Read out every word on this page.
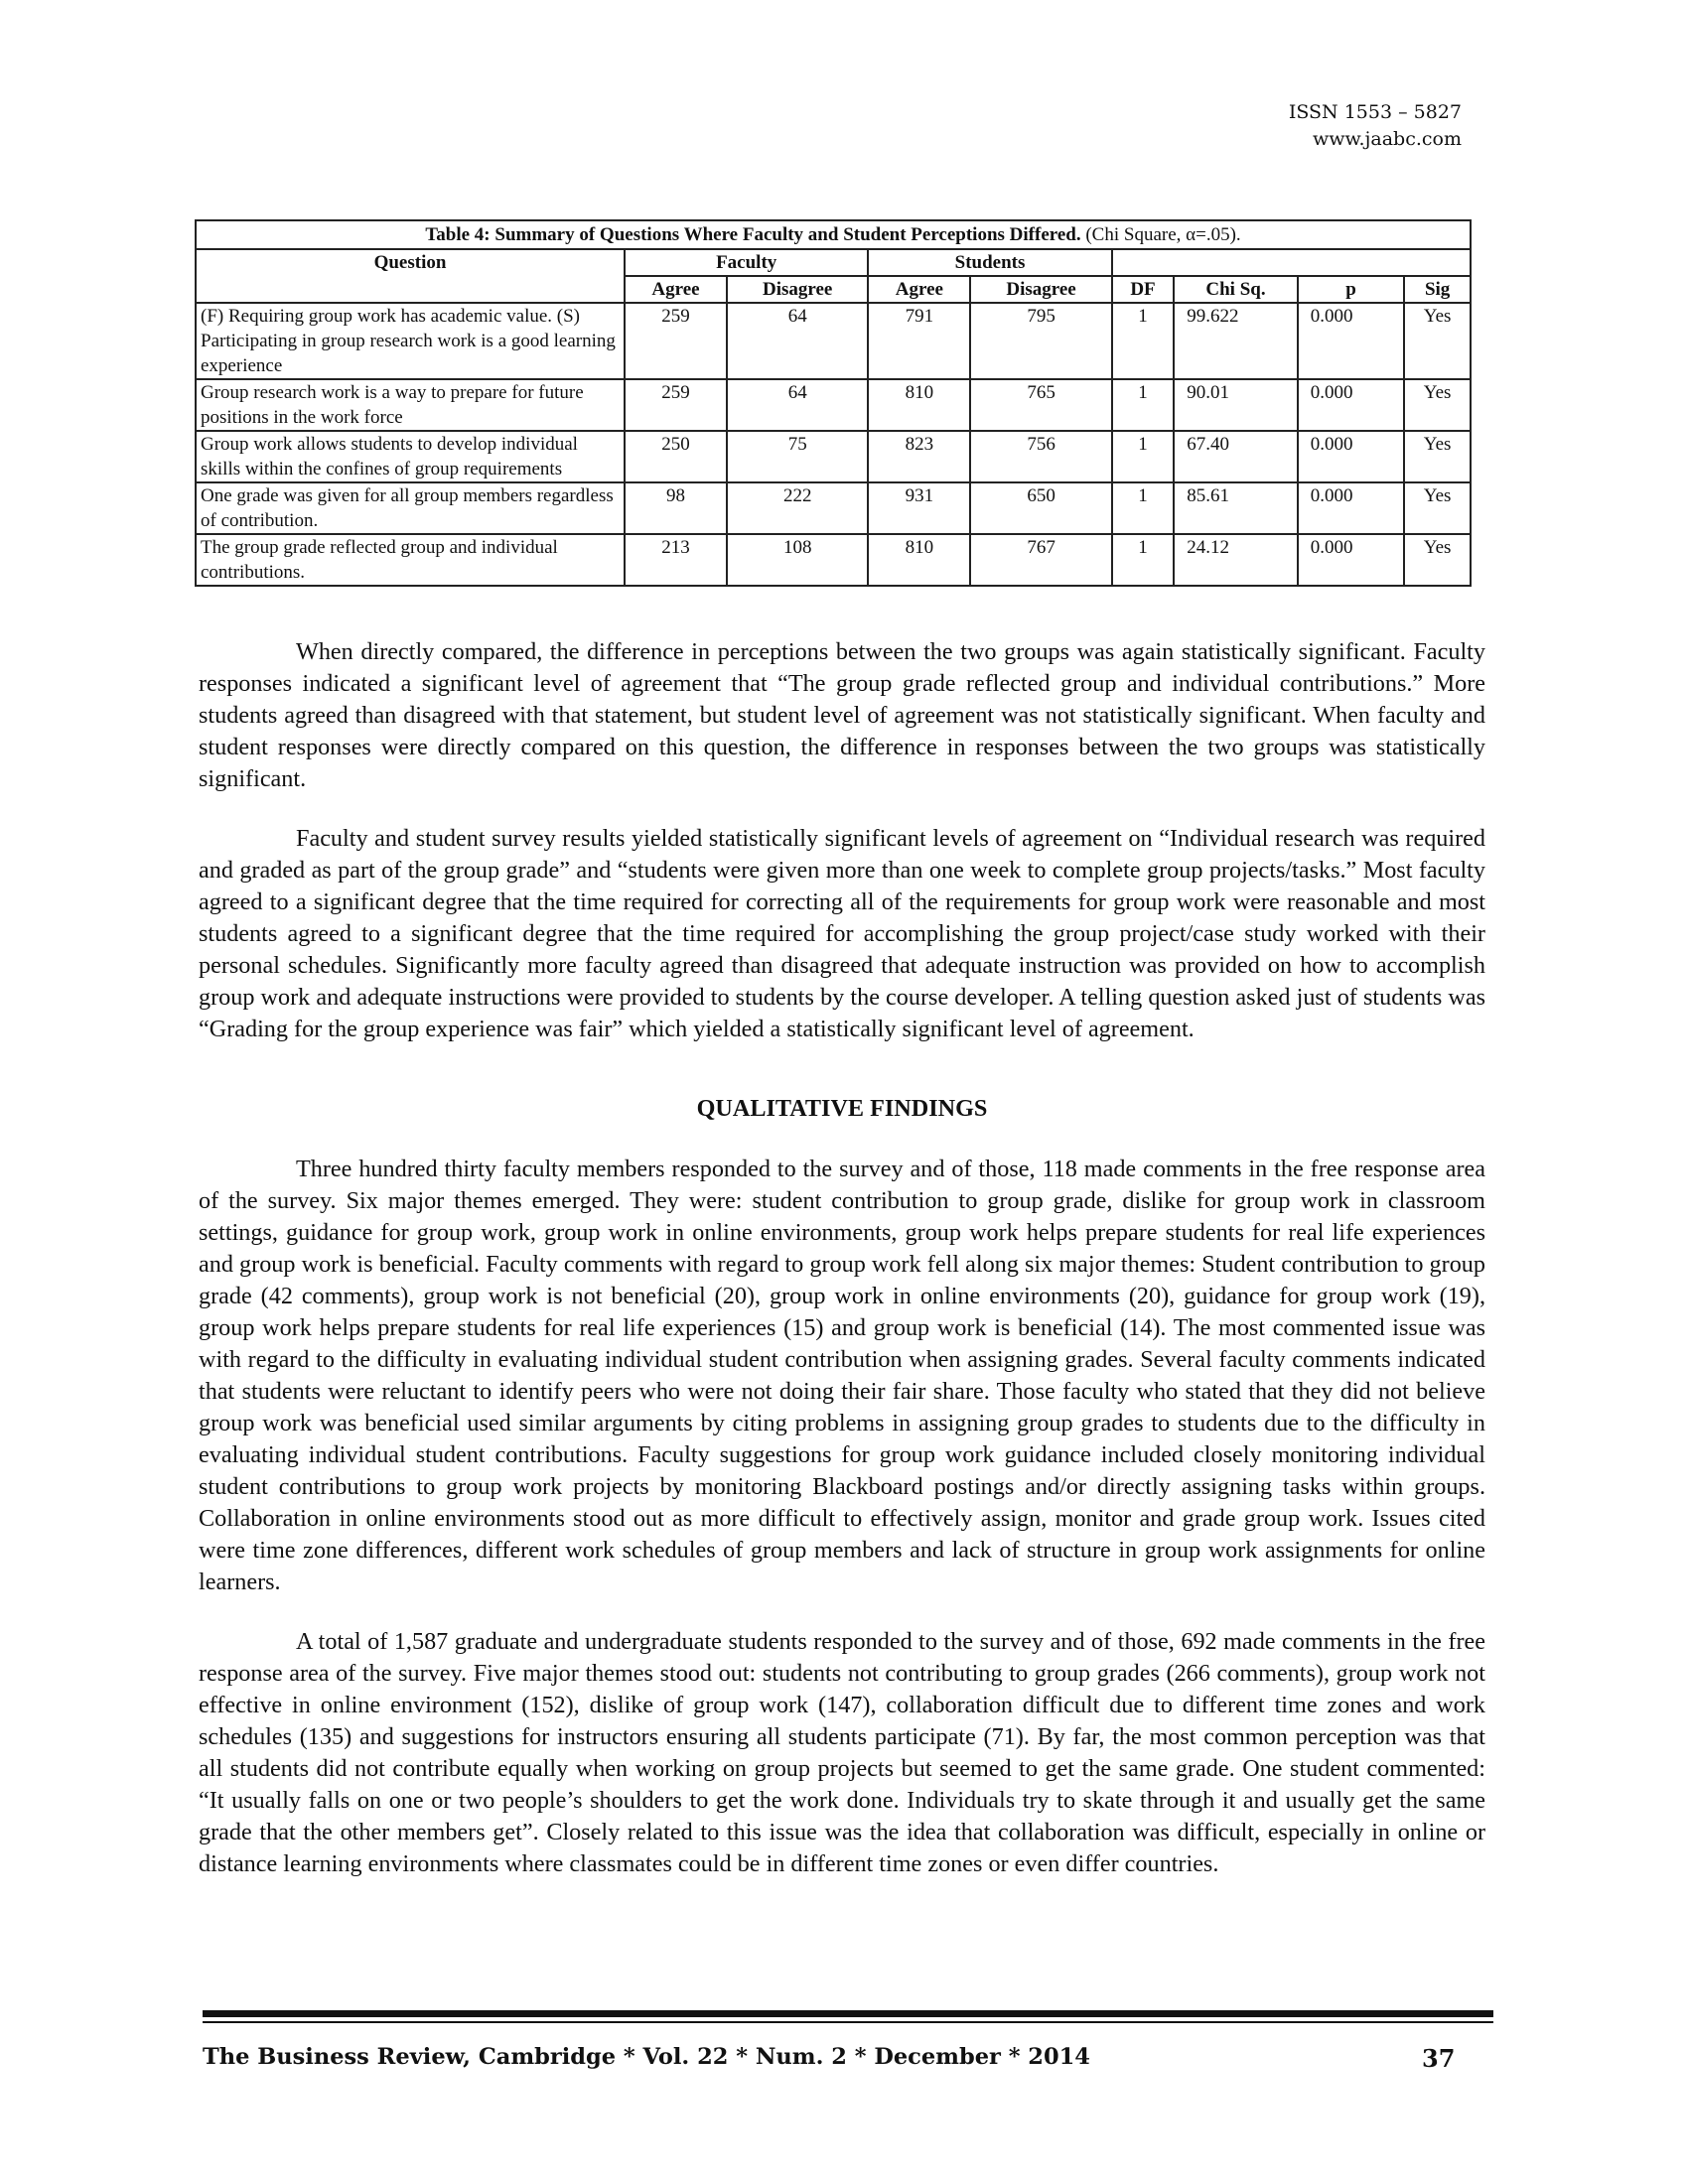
ISSN 1553 – 5827
www.jaabc.com
Table 4: Summary of Questions Where Faculty and Student Perceptions Differed. (Chi Square, α=.05).								
Question	Faculty		Students					
	Agree	Disagree	Agree	Disagree	DF	Chi Sq.	p	Sig
(F) Requiring group work has academic value. (S) Participating in group research work is a good learning experience	259	64	791	795	1	99.622	0.000	Yes
Group research work is a way to prepare for future positions in the work force	259	64	810	765	1	90.01	0.000	Yes
Group work allows students to develop individual skills within the confines of group requirements	250	75	823	756	1	67.40	0.000	Yes
One grade was given for all group members regardless of contribution.	98	222	931	650	1	85.61	0.000	Yes
The group grade reflected group and individual contributions.	213	108	810	767	1	24.12	0.000	Yes

When directly compared, the difference in perceptions between the two groups was again statistically significant. Faculty responses indicated a significant level of agreement that “The group grade reflected group and individual contributions.” More students agreed than disagreed with that statement, but student level of agreement was not statistically significant. When faculty and student responses were directly compared on this question, the difference in responses between the two groups was statistically significant.

Faculty and student survey results yielded statistically significant levels of agreement on “Individual research was required and graded as part of the group grade” and “students were given more than one week to complete group projects/tasks.” Most faculty agreed to a significant degree that the time required for correcting all of the requirements for group work were reasonable and most students agreed to a significant degree that the time required for accomplishing the group project/case study worked with their personal schedules. Significantly more faculty agreed than disagreed that adequate instruction was provided on how to accomplish group work and adequate instructions were provided to students by the course developer. A telling question asked just of students was “Grading for the group experience was fair” which yielded a statistically significant level of agreement.

QUALITATIVE FINDINGS

Three hundred thirty faculty members responded to the survey and of those, 118 made comments in the free response area of the survey. Six major themes emerged. They were: student contribution to group grade, dislike for group work in classroom settings, guidance for group work, group work in online environments, group work helps prepare students for real life experiences and group work is beneficial. Faculty comments with regard to group work fell along six major themes: Student contribution to group grade (42 comments), group work is not beneficial (20), group work in online environments (20), guidance for group work (19), group work helps prepare students for real life experiences (15) and group work is beneficial (14). The most commented issue was with regard to the difficulty in evaluating individual student contribution when assigning grades. Several faculty comments indicated that students were reluctant to identify peers who were not doing their fair share. Those faculty who stated that they did not believe group work was beneficial used similar arguments by citing problems in assigning group grades to students due to the difficulty in evaluating individual student contributions. Faculty suggestions for group work guidance included closely monitoring individual student contributions to group work projects by monitoring Blackboard postings and/or directly assigning tasks within groups. Collaboration in online environments stood out as more difficult to effectively assign, monitor and grade group work. Issues cited were time zone differences, different work schedules of group members and lack of structure in group work assignments for online learners.

A total of 1,587 graduate and undergraduate students responded to the survey and of those, 692 made comments in the free response area of the survey. Five major themes stood out: students not contributing to group grades (266 comments), group work not effective in online environment (152), dislike of group work (147), collaboration difficult due to different time zones and work schedules (135) and suggestions for instructors ensuring all students participate (71). By far, the most common perception was that all students did not contribute equally when working on group projects but seemed to get the same grade. One student commented: “It usually falls on one or two people’s shoulders to get the work done. Individuals try to skate through it and usually get the same grade that the other members get”. Closely related to this issue was the idea that collaboration was difficult, especially in online or distance learning environments where classmates could be in different time zones or even differ countries.

The Business Review, Cambridge * Vol. 22 * Num. 2 * December * 2014	37
